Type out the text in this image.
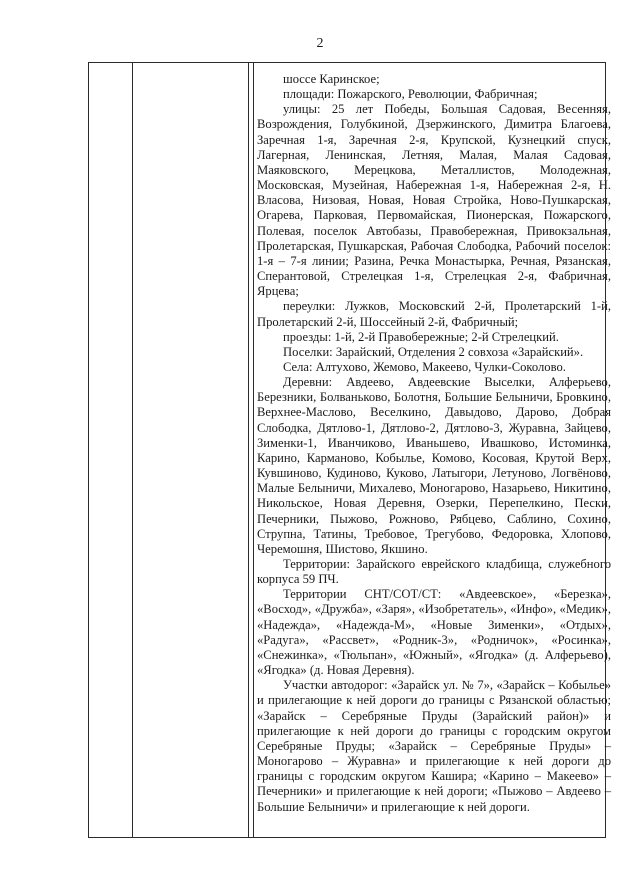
2

шоссе Каринское;

площади: Пожарского, Революции, Фабричная;

улицы: 25 лет Победы, Большая Садовая, Весенняя, Возрождения, Голубкиной, Дзержинского, Димитра Благоева, Заречная 1-я, Заречная 2-я, Крупской, Кузнецкий спуск, Лагерная, Ленинская, Летняя, Малая, Малая Садовая, Маяковского, Мерецкова, Металлистов, Молодежная, Московская, Музейная, Набережная 1-я, Набережная 2-я, Н. Власова, Низовая, Новая, Новая Стройка, Ново-Пушкарская, Огарева, Парковая, Первомайская, Пионерская, Пожарского, Полевая, поселок Автобазы, Правобережная, Привокзальная, Пролетарская, Пушкарская, Рабочая Слободка, Рабочий поселок: 1-я – 7-я линии; Разина, Речка Монастырка, Речная, Рязанская, Сперантовой, Стрелецкая 1-я, Стрелецкая 2-я, Фабричная, Ярцева;

переулки: Лужков, Московский 2-й, Пролетарский 1-й, Пролетарский 2-й, Шоссейный 2-й, Фабричный;

проезды: 1-й, 2-й Правобережные; 2-й Стрелецкий.

Поселки: Зарайский, Отделения 2 совхоза «Зарайский».

Села: Алтухово, Жемово, Макеево, Чулки-Соколово.

Деревни: Авдеево, Авдеевские Выселки, Алферьево, Березники, Болваньково, Болотня, Большие Белыничи, Бровкино, Верхнее-Маслово, Веселкино, Давыдово, Дарово, Добрая Слободка, Дятлово-1, Дятлово-2, Дятлово-3, Журавна, Зайцево, Зименки-1, Иванчиково, Иваньшево, Ивашково, Истоминка, Карино, Карманово, Кобылье, Комово, Косовая, Крутой Верх, Кувшиново, Кудиново, Куково, Латыгори, Летуново, Логвёново, Малые Белыничи, Михалево, Моногарово, Назарьево, Никитино, Никольское, Новая Деревня, Озерки, Перепелкино, Пески, Печерники, Пыжово, Рожново, Рябцево, Саблино, Сохино, Струпна, Татины, Требовое, Трегубово, Федоровка, Хлопово, Черемошня, Шистово, Якшино.

Территории: Зарайского еврейского кладбища, служебного корпуса 59 ПЧ.

Территории СНТ/СОТ/СТ: «Авдеевское», «Березка», «Восход», «Дружба», «Заря», «Изобретатель», «Инфо», «Медик», «Надежда», «Надежда-М», «Новые Зименки», «Отдых», «Радуга», «Рассвет», «Родник-3», «Родничок», «Росинка», «Снежинка», «Тюльпан», «Южный», «Ягодка» (д. Алферьево), «Ягодка» (д. Новая Деревня).

Участки автодорог: «Зарайск ул. № 7», «Зарайск – Кобылье» и прилегающие к ней дороги до границы с Рязанской областью; «Зарайск – Серебряные Пруды (Зарайский район)» и прилегающие к ней дороги до границы с городским округом Серебряные Пруды; «Зарайск – Серебряные Пруды» – Моногарово – Журавна» и прилегающие к ней дороги до границы с городским округом Кашира; «Карино – Макеево» – Печерники» и прилегающие к ней дороги; «Пыжово – Авдеево – Большие Белыничи» и прилегающие к ней дороги.
